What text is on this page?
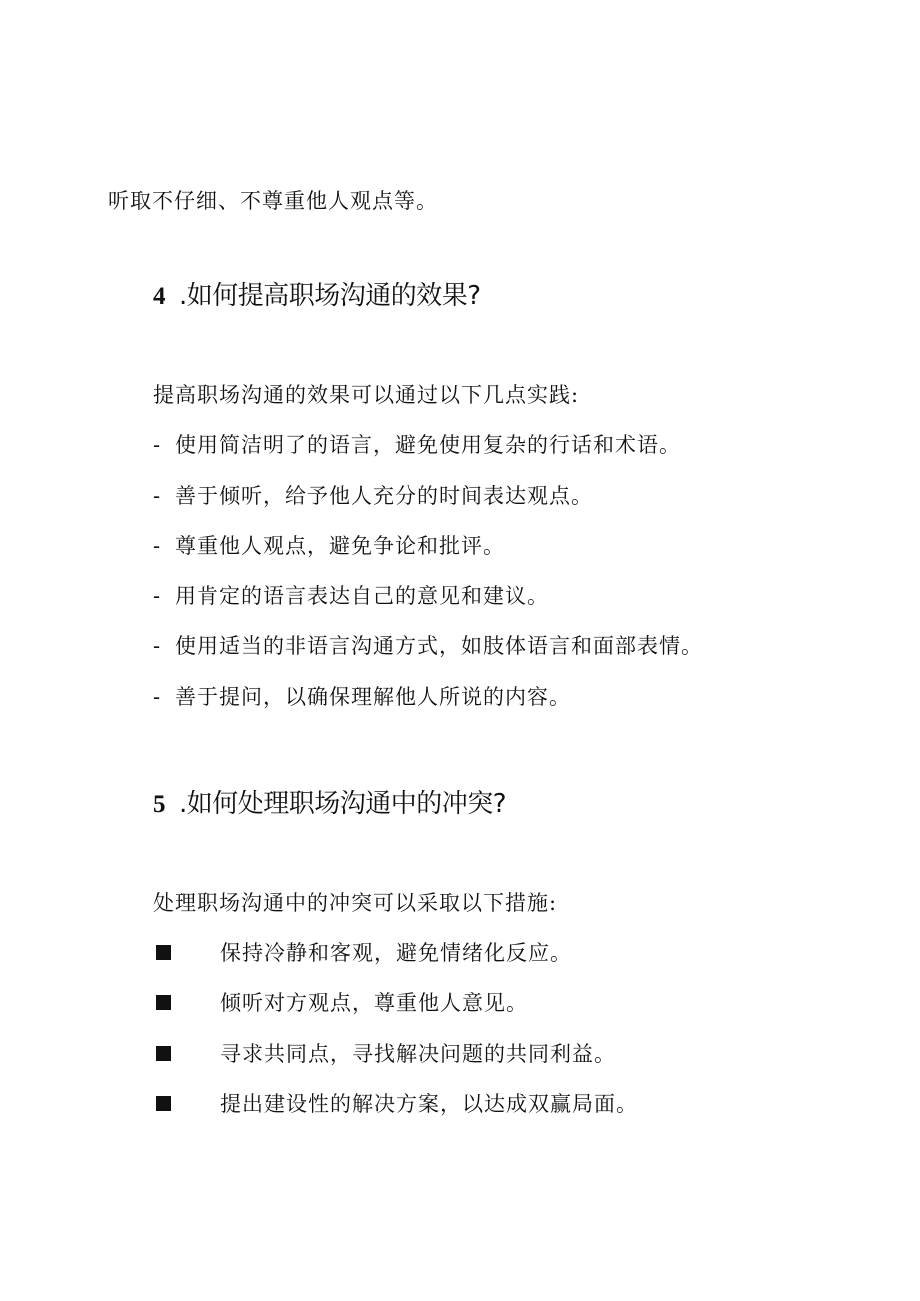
听取不仔细、不尊重他人观点等。
4 .如何提高职场沟通的效果?
提高职场沟通的效果可以通过以下几点实践:
- 使用简洁明了的语言，避免使用复杂的行话和术语。
- 善于倾听，给予他人充分的时间表达观点。
- 尊重他人观点，避免争论和批评。
- 用肯定的语言表达自己的意见和建议。
- 使用适当的非语言沟通方式，如肢体语言和面部表情。
- 善于提问，以确保理解他人所说的内容。
5 .如何处理职场沟通中的冲突?
处理职场沟通中的冲突可以采取以下措施:
保持冷静和客观，避免情绪化反应。
倾听对方观点，尊重他人意见。
寻求共同点，寻找解决问题的共同利益。
提出建设性的解决方案，以达成双赢局面。
